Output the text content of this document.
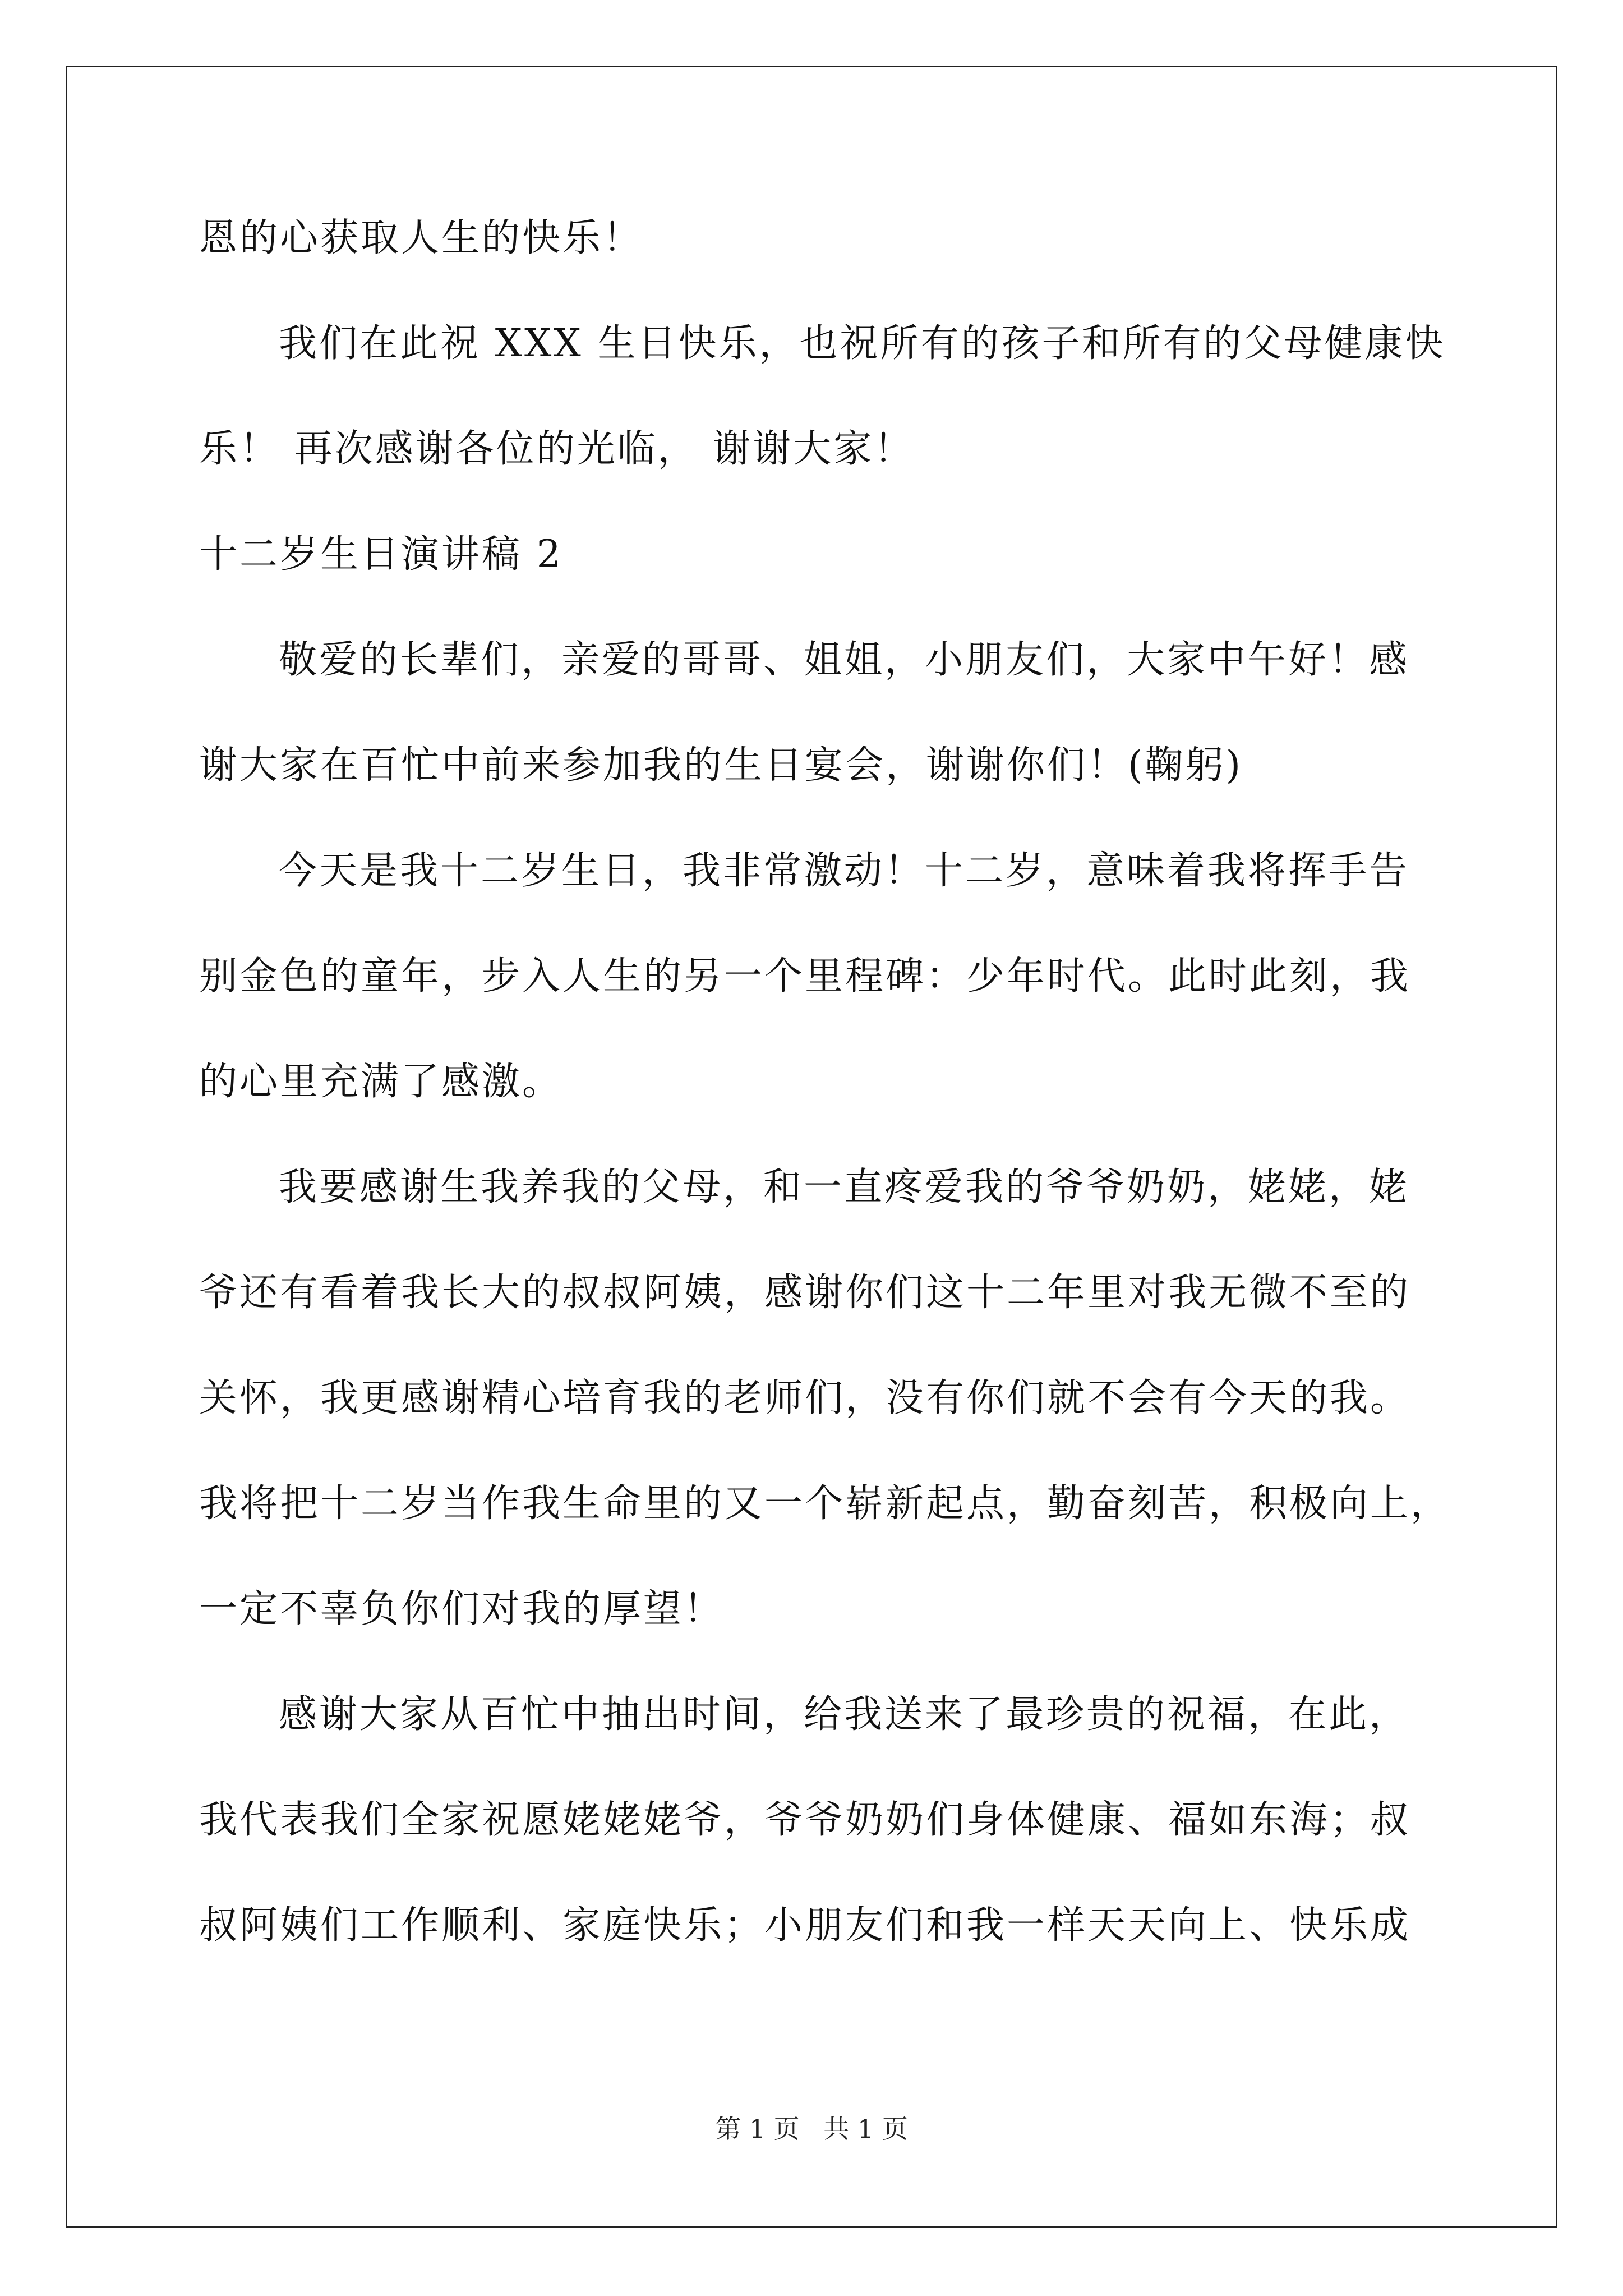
恩的心获取人生的快乐！
我们在此祝 XXX 生日快乐，也祝所有的孩子和所有的父母健康快
乐！ 再次感谢各位的光临， 谢谢大家！
十二岁生日演讲稿 2
敬爱的长辈们，亲爱的哥哥、姐姐，小朋友们，大家中午好！感
谢大家在百忙中前来参加我的生日宴会，谢谢你们！(鞠躬)
今天是我十二岁生日，我非常激动！十二岁，意味着我将挥手告
别金色的童年，步入人生的另一个里程碑：少年时代。此时此刻，我
的心里充满了感激。
我要感谢生我养我的父母，和一直疼爱我的爷爷奶奶，姥姥，姥
爷还有看着我长大的叔叔阿姨，感谢你们这十二年里对我无微不至的
关怀，我更感谢精心培育我的老师们，没有你们就不会有今天的我。
我将把十二岁当作我生命里的又一个崭新起点，勤奋刻苦，积极向上，
一定不辜负你们对我的厚望！
感谢大家从百忙中抽出时间，给我送来了最珍贵的祝福，在此，
我代表我们全家祝愿姥姥姥爷，爷爷奶奶们身体健康、福如东海；叔
叔阿姨们工作顺利、家庭快乐；小朋友们和我一样天天向上、快乐成
第 1 页 共 1 页
